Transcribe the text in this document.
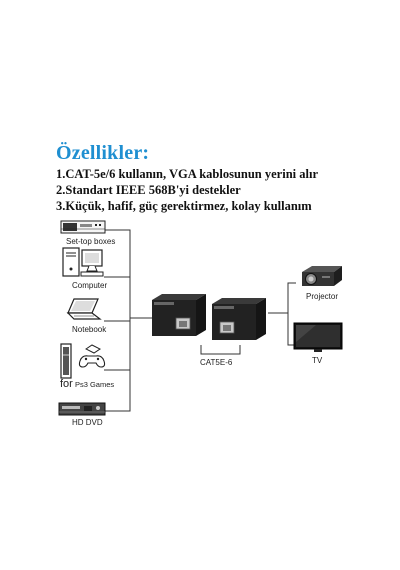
Özellikler:
1.CAT-5e/6 kullanın, VGA kablosunun yerini alır
2.Standart IEEE 568B'yi destekler
3.Küçük, hafif, güç gerektirmez, kolay kullanım
Set-top boxes
Computer
Notebook
for Ps3 Games
HD DVD
CAT5E-6
Projector
TV
